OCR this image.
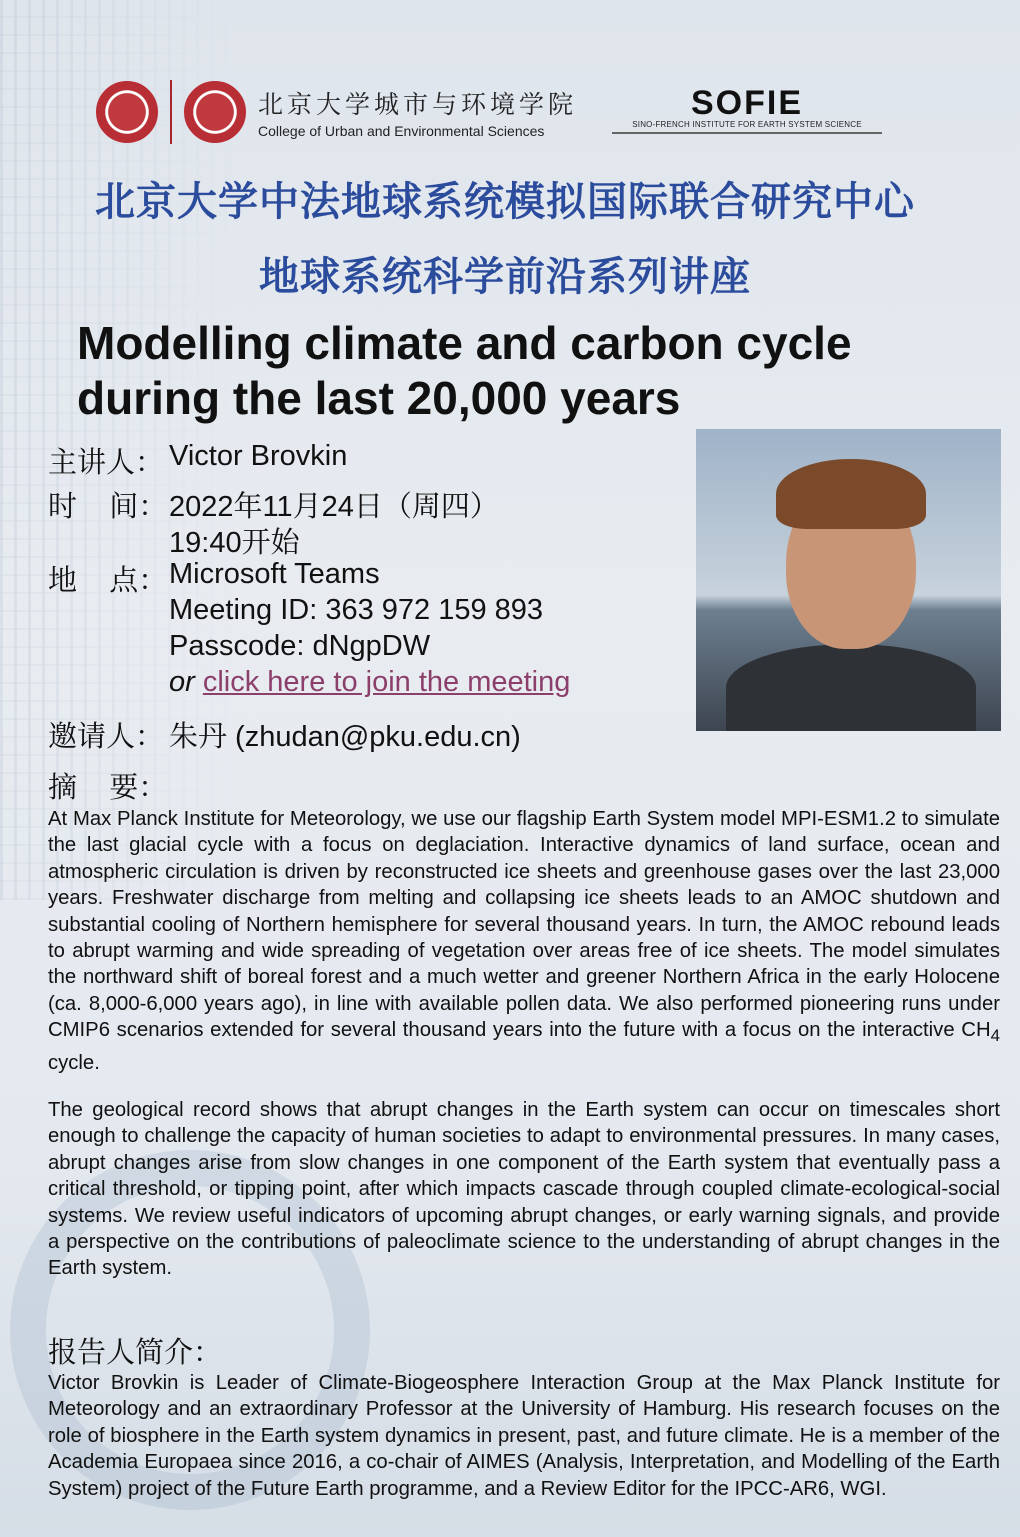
北京大学城市与环境学院
College of Urban and Environmental Sciences
SOFIE
SINO-FRENCH INSTITUTE FOR EARTH SYSTEM SCIENCE
北京大学中法地球系统模拟国际联合研究中心
地球系统科学前沿系列讲座
Modelling climate and carbon cycle
during the last 20,000 years
主讲人： Victor Brovkin
时    间： 2022年11月24日（周四）
19:40开始
地    点： Microsoft Teams
Meeting ID: 363 972 159 893
Passcode: dNgpDW
or click here to join the meeting
邀请人： 朱丹 (zhudan@pku.edu.cn)
摘    要：
At Max Planck Institute for Meteorology, we use our flagship Earth System model MPI-ESM1.2 to simulate the last glacial cycle with a focus on deglaciation. Interactive dynamics of land surface, ocean and atmospheric circulation is driven by reconstructed ice sheets and greenhouse gases over the last 23,000 years. Freshwater discharge from melting and collapsing ice sheets leads to an AMOC shutdown and substantial cooling of Northern hemisphere for several thousand years. In turn, the AMOC rebound leads to abrupt warming and wide spreading of vegetation over areas free of ice sheets. The model simulates the northward shift of boreal forest and a much wetter and greener Northern Africa in the early Holocene (ca. 8,000-6,000 years ago), in line with available pollen data. We also performed pioneering runs under CMIP6 scenarios extended for several thousand years into the future with a focus on the interactive $CH_4$ cycle.
The geological record shows that abrupt changes in the Earth system can occur on timescales short enough to challenge the capacity of human societies to adapt to environmental pressures. In many cases, abrupt changes arise from slow changes in one component of the Earth system that eventually pass a critical threshold, or tipping point, after which impacts cascade through coupled climate-ecological-social systems. We review useful indicators of upcoming abrupt changes, or early warning signals, and provide a perspective on the contributions of paleoclimate science to the understanding of abrupt changes in the Earth system.
报告人简介：
Victor Brovkin is Leader of Climate-Biogeosphere Interaction Group at the Max Planck Institute for Meteorology and an extraordinary Professor at the University of Hamburg. His research focuses on the role of biosphere in the Earth system dynamics in present, past, and future climate. He is a member of the Academia Europaea since 2016, a co-chair of AIMES (Analysis, Interpretation, and Modelling of the Earth System) project of the Future Earth programme, and a Review Editor for the IPCC-AR6, WGI.
